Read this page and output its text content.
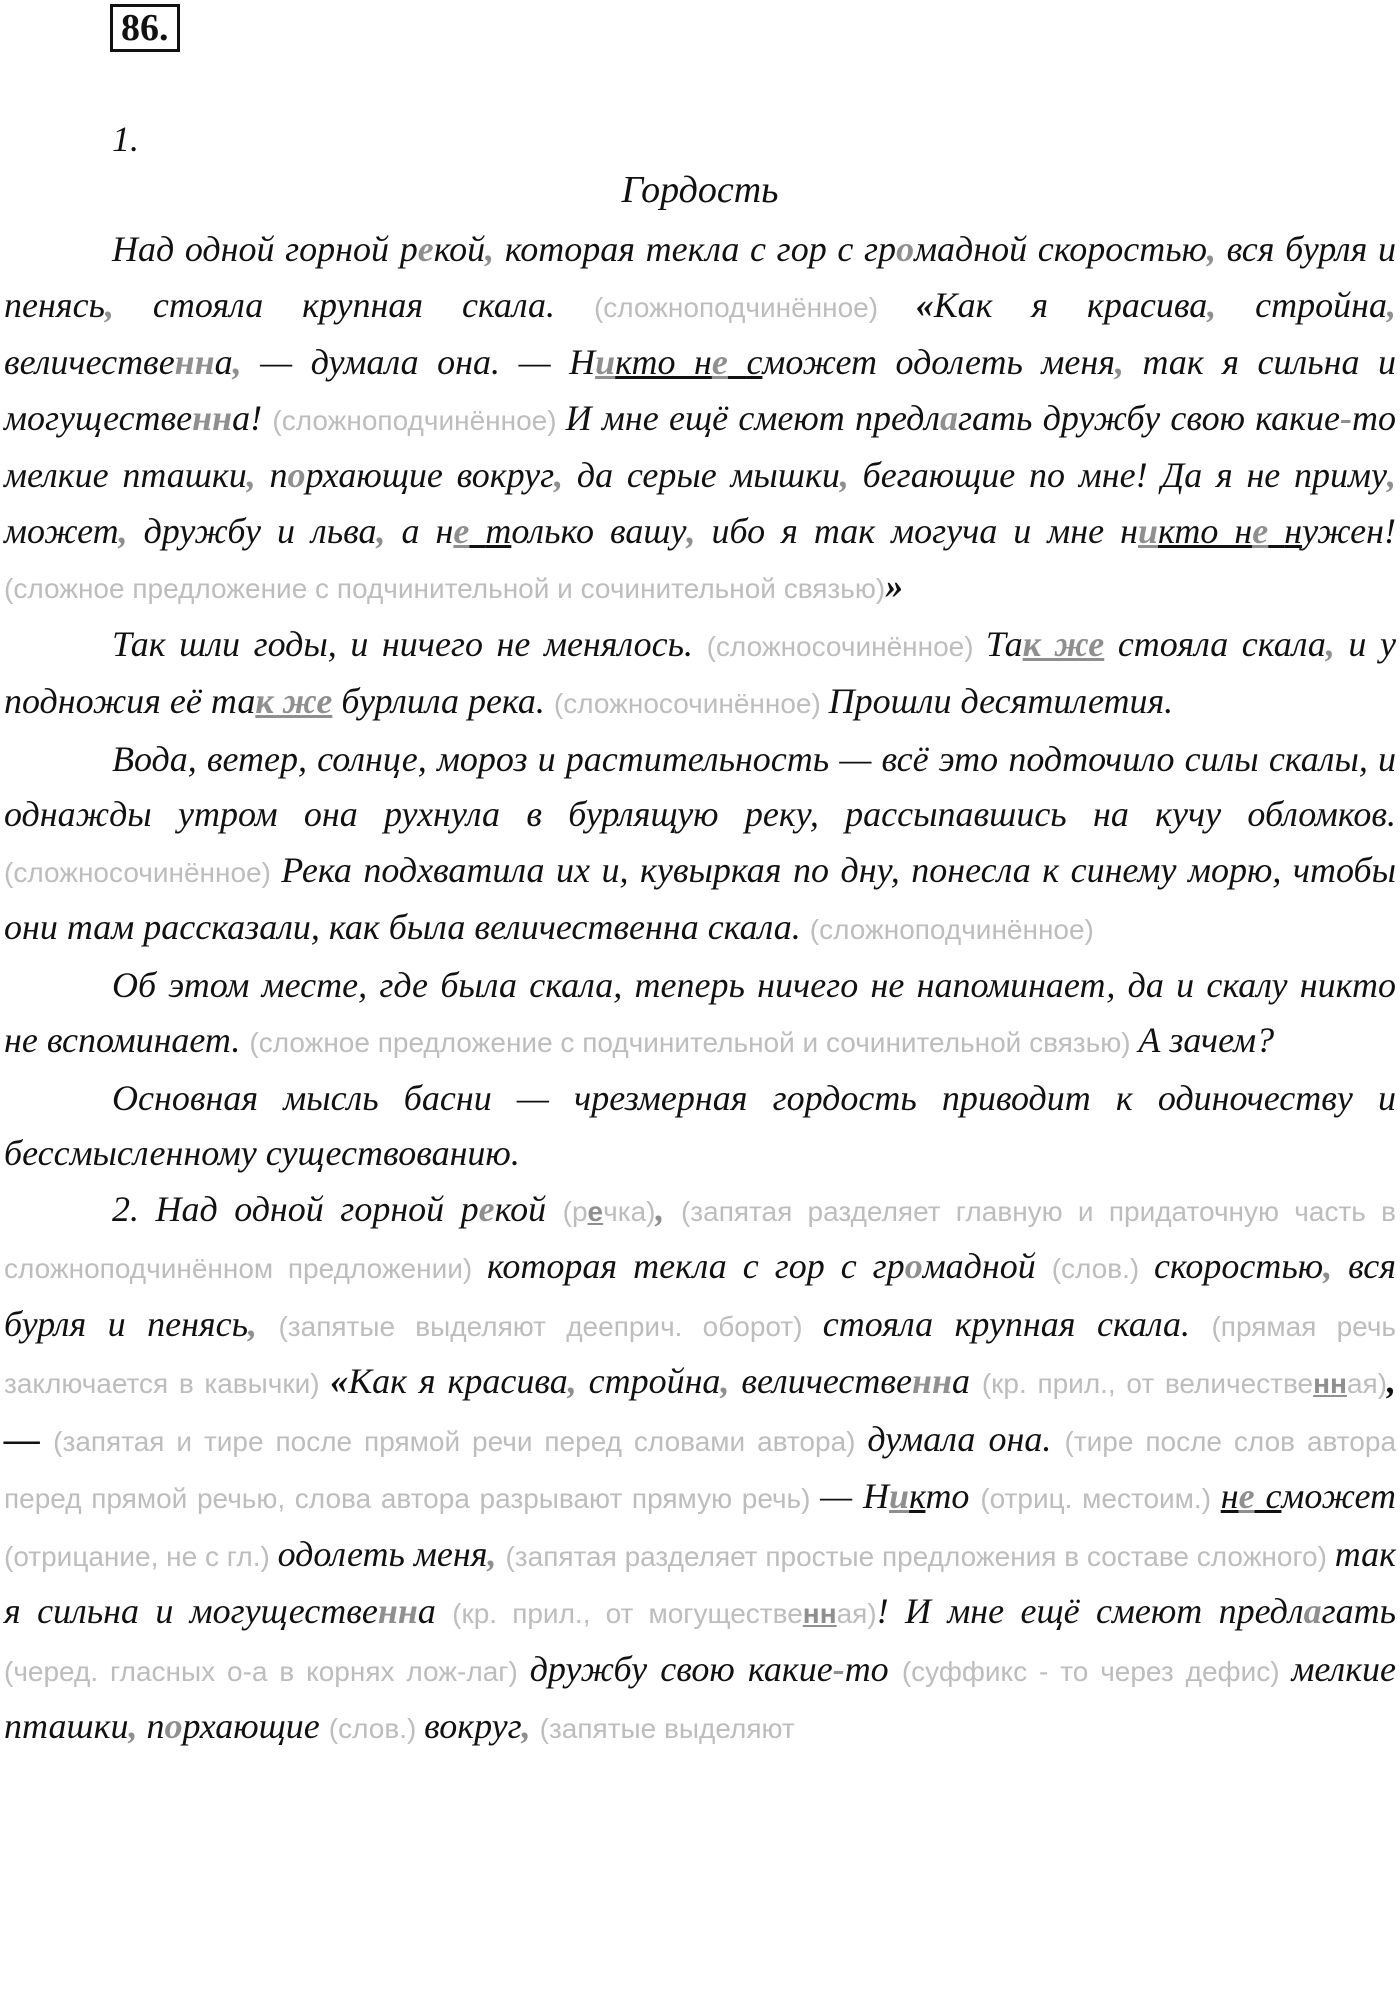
86.
1.
Гордость

Над одной горной рекой, которая текла с гор с громадной скоростью, вся бурля и пенясь, стояла крупная скала. (сложноподчинённое) «Как я красива, стройна, величественна, — думала она. — Никто не сможет одолеть меня, так я сильна и могущественна! (сложноподчинённое) И мне ещё смеют предлагать дружбу свою какие-то мелкие пташки, порхающие вокруг, да серые мышки, бегающие по мне! Да я не приму, может, дружбу и льва, а не только вашу, ибо я так могуча и мне никто не нужен! (сложное предложение с подчинительной и сочинительной связью)»

Так шли годы, и ничего не менялось. (сложносочинённое) Так же стояла скала, и у подножия её так же бурлила река. (сложносочинённое) Прошли десятилетия.

Вода, ветер, солнце, мороз и растительность — всё это подточило силы скалы, и однажды утром она рухнула в бурлящую реку, рассыпавшись на кучу обломков. (сложносочинённое) Река подхватила их и, кувыркая по дну, понесла к синему морю, чтобы они там рассказали, как была величественна скала. (сложноподчинённое)

Об этом месте, где была скала, теперь ничего не напоминает, да и скалу никто не вспоминает. (сложное предложение с подчинительной и сочинительной связью) А зачем?

Основная мысль басни — чрезмерная гордость приводит к одиночеству и бессмысленному существованию.

2. Над одной горной рекой (речка), (запятая разделяет главную и придаточную часть в сложноподчинённом предложении) которая текла с гор с громадной (слов.) скоростью, вся бурля и пенясь, (запятые выделяют дееприч. оборот) стояла крупная скала. (прямая речь заключается в кавычки) «Как я красива, стройна, величественна (кр. прил., от величественная), — (запятая и тире после прямой речи перед словами автора) думала она. (тире после слов автора перед прямой речью, слова автора разрывают прямую речь) — Никто (отриц. местоим.) не сможет (отрицание, не с гл.) одолеть меня, (запятая разделяет простые предложения в составе сложного) так я сильна и могущественна (кр. прил., от могущественная)! И мне ещё смеют предлагать (черед. гласных о-а в корнях лож-лаг) дружбу свою какие-то (суффикс - то через дефис) мелкие пташки, порхающие (слов.) вокруг, (запятые выделяют
